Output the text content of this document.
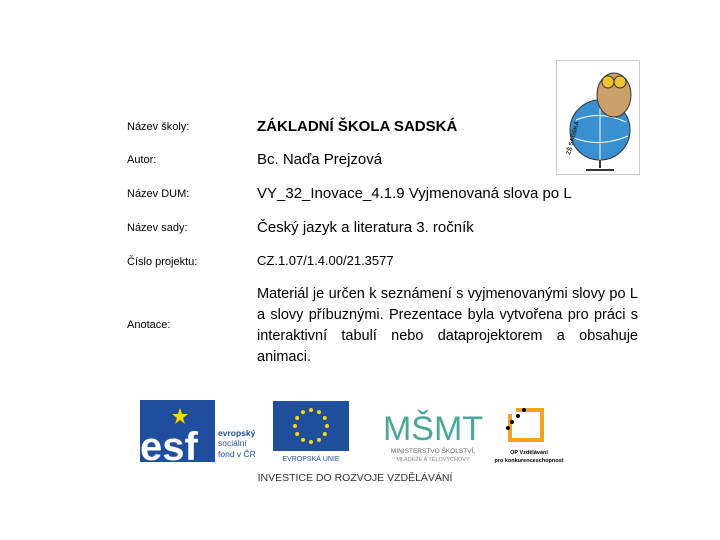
Název školy:	ZÁKLADNÍ ŠKOLA SADSKÁ
Autor:	Bc. Naďa Prejzová
Název DUM:	VY_32_Inovace_4.1.9 Vyjmenovaná slova po L
Název sady:	Český jazyk a literatura 3. ročník
Číslo projektu:	CZ.1.07/1.4.00/21.3577
Anotace:
Materiál je určen k seznámení s vyjmenovanými slovy po L a slovy příbuznými. Prezentace byla vytvořena pro práci s interaktivní tabulí nebo dataprojektorem a obsahuje animaci.
ZŠ SADSKÁ
esf evropský
sociální
fond v ČR
EVROPSKÁ UNIE
MŠMT
MINISTERSTVO ŠKOLSTVÍ,
MLÁDEŽE A TĚLOVÝCHOVY
OP Vzdělávání
pro konkurenceschopnost
INVESTICE DO ROZVOJE VZDĚLÁVÁNÍ
